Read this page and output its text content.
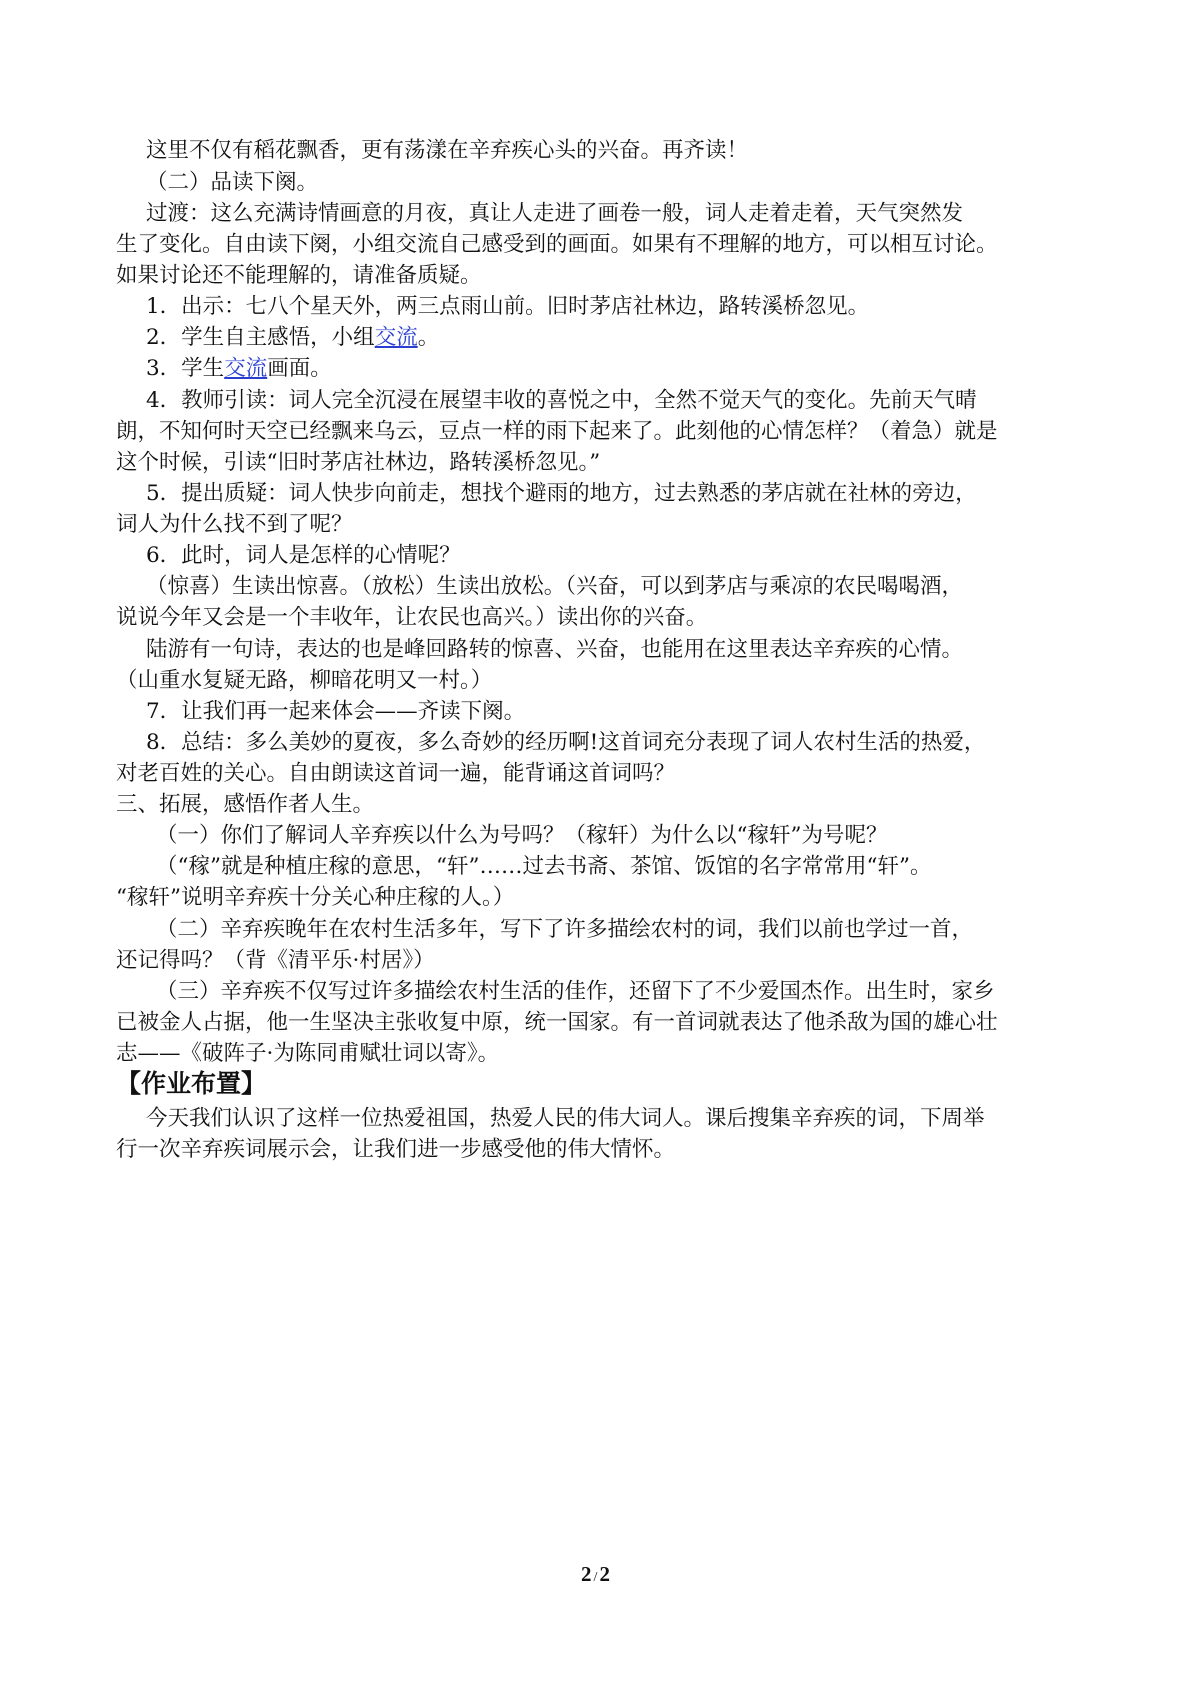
这里不仅有稻花飘香，更有荡漾在辛弃疾心头的兴奋。再齐读！
（二）品读下阕。
过渡：这么充满诗情画意的月夜，真让人走进了画卷一般，词人走着走着，天气突然发
生了变化。自由读下阕，小组交流自己感受到的画面。如果有不理解的地方，可以相互讨论。
如果讨论还不能理解的，请准备质疑。
1．出示：七八个星天外，两三点雨山前。旧时茅店社林边，路转溪桥忽见。
2．学生自主感悟，小组交流。
3．学生交流画面。
4．教师引读：词人完全沉浸在展望丰收的喜悦之中，全然不觉天气的变化。先前天气晴
朗，不知何时天空已经飘来乌云，豆点一样的雨下起来了。此刻他的心情怎样？（着急）就是
这个时候，引读“旧时茅店社林边，路转溪桥忽见。”
5．提出质疑：词人快步向前走，想找个避雨的地方，过去熟悉的茅店就在社林的旁边，
词人为什么找不到了呢？
6．此时，词人是怎样的心情呢？
（惊喜）生读出惊喜。（放松）生读出放松。（兴奋，可以到茅店与乘凉的农民喝喝酒，
说说今年又会是一个丰收年，让农民也高兴。）读出你的兴奋。
陆游有一句诗，表达的也是峰回路转的惊喜、兴奋，也能用在这里表达辛弃疾的心情。
（山重水复疑无路，柳暗花明又一村。）
7．让我们再一起来体会——齐读下阕。
8．总结：多么美妙的夏夜，多么奇妙的经历啊!这首词充分表现了词人农村生活的热爱，
对老百姓的关心。自由朗读这首词一遍，能背诵这首词吗？
三、拓展，感悟作者人生。
（一）你们了解词人辛弃疾以什么为号吗？（稼轩）为什么以“稼轩”为号呢？
（“稼”就是种植庄稼的意思，“轩”……过去书斋、茶馆、饭馆的名字常常用“轩”。
“稼轩”说明辛弃疾十分关心种庄稼的人。）
（二）辛弃疾晚年在农村生活多年，写下了许多描绘农村的词，我们以前也学过一首，
还记得吗？（背《清平乐·村居》）
（三）辛弃疾不仅写过许多描绘农村生活的佳作，还留下了不少爱国杰作。出生时，家乡
已被金人占据，他一生坚决主张收复中原，统一国家。有一首词就表达了他杀敌为国的雄心壮
志——《破阵子·为陈同甫赋壮词以寄》。
【作业布置】
今天我们认识了这样一位热爱祖国，热爱人民的伟大词人。课后搜集辛弃疾的词，下周举
行一次辛弃疾词展示会，让我们进一步感受他的伟大情怀。
2 /2
